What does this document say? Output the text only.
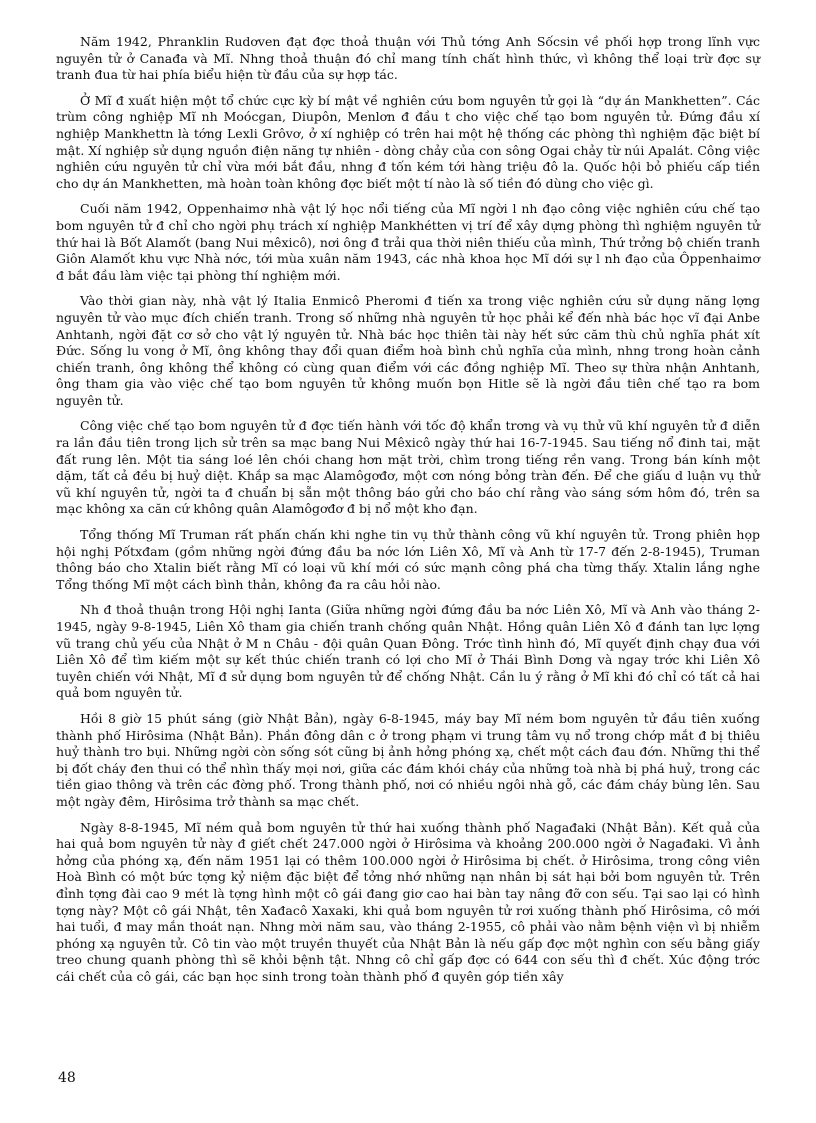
Năm 1942, Phranklin Rudơven đạt đợc thoả thuận với Thủ tớng Anh Sốcsin về phối hợp trong lĩnh vực nguyên tử ở Canađa và Mĩ. Nhng thoả thuận đó chỉ mang tính chất hình thức, vì không thể loại trừ đợc sự tranh đua từ hai phía biểu hiện từ đầu của sự hợp tác.

Ở Mĩ đ xuất hiện một tổ chức cực kỳ bí mật về nghiên cứu bom nguyên tử gọi là “dự án Mankhetten”. Các trùm công nghiệp Mĩ nh Moócgan, Diupôn, Menlơn đ đầu t cho việc chế tạo bom nguyên tử. Đứng đầu xí nghiệp Mankhettn là tớng Lexli Grôvơ, ở xí nghiệp có trên hai một hệ thống các phòng thì nghiệm đặc biệt bí mật. Xí nghiệp sử dụng nguồn điện năng tự nhiên - dòng chảy của con sông Ogai chảy từ núi Apalát. Công việc nghiên cứu nguyên tử chỉ vừa mới bắt đầu, nhng đ tốn kém tới hàng triệu đô la. Quốc hội bỏ phiếu cấp tiền cho dự án Mankhetten, mà hoàn toàn không đợc biết một tí nào là số tiền đó dùng cho việc gì.

Cuối năm 1942, Oppenhaimơ nhà vật lý học nổi tiếng của Mĩ ngời l nh đạo công việc nghiên cứu chế tạo bom nguyên tử đ chỉ cho ngời phụ trách xí nghiệp Mankhétten vị trí để xây dựng phòng thì nghiệm nguyên tử thứ hai là Bốt Alamốt (bang Nui mêxicô), nơi ông đ trải qua thời niên thiếu của mình, Thứ trởng bộ chiến tranh Giôn Alamốt khu vực Nhà nớc, tới mùa xuân năm 1943, các nhà khoa học Mĩ dới sự l nh đạo của Ôppenhaimơ đ bắt đầu làm việc tại phòng thí nghiệm mới.

Vào thời gian này, nhà vật lý Italia Enmicô Pheromi đ tiến xa trong việc nghiên cứu sử dụng năng lợng nguyên tử vào mục đích chiến tranh. Trong số những nhà nguyên tử học phải kể đến nhà bác học vĩ đại Anbe Anhtanh, ngời đặt cơ sở cho vật lý nguyên tử. Nhà bác học thiên tài này hết sức căm thù chủ nghĩa phát xít Đức. Sống lu vong ở Mĩ, ông không thay đổi quan điểm hoà bình chủ nghĩa của mình, nhng trong hoàn cảnh chiến tranh, ông không thể không có cùng quan điểm với các đồng nghiệp Mĩ. Theo sự thừa nhận Anhtanh, ông tham gia vào việc chế tạo bom nguyên tử không muốn bọn Hitle sẽ là ngời đầu tiên chế tạo ra bom nguyên tử.

Công việc chế tạo bom nguyên tử đ đợc tiến hành với tốc độ khẩn trơng và vụ thử vũ khí nguyên tử đ diễn ra lần đầu tiên trong lịch sử trên sa mạc bang Nui Mêxicô ngày thứ hai 16-7-1945. Sau tiếng nổ đinh tai, mặt đất rung lên. Một tia sáng loé lên chói chang hơn mặt trời, chìm trong tiếng rền vang. Trong bán kính một dặm, tất cả đều bị huỷ diệt. Khắp sa mạc Alamôgơđơ, một cơn nóng bỏng tràn đến. Để che giấu d luận vụ thử vũ khí nguyên tử, ngời ta đ chuẩn bị sẵn một thông báo gửi cho báo chí rằng vào sáng sớm hôm đó, trên sa mạc không xa căn cứ không quân Alamôgơđơ đ bị nổ một kho đạn.

Tổng thống Mĩ Truman rất phấn chấn khi nghe tin vụ thử thành công vũ khí nguyên tử. Trong phiên họp hội nghị Pốtxđam (gồm những ngời đứng đầu ba nớc lớn Liên Xô, Mĩ và Anh từ 17-7 đến 2-8-1945), Truman thông báo cho Xtalin biết rằng Mĩ có loại vũ khí mới có sức mạnh công phá cha từng thấy. Xtalin lắng nghe Tổng thống Mĩ một cách bình thản, không đa ra câu hỏi nào.

Nh đ thoả thuận trong Hội nghị Ianta (Giữa những ngời đứng đầu ba nớc Liên Xô, Mĩ và Anh vào tháng 2-1945, ngày 9-8-1945, Liên Xô tham gia chiến tranh chống quân Nhật. Hồng quân Liên Xô đ đánh tan lực lợng vũ trang chủ yếu của Nhật ở M n Châu - đội quân Quan Đông. Trớc tình hình đó, Mĩ quyết định chạy đua với Liên Xô để tìm kiếm một sự kết thúc chiến tranh có lợi cho Mĩ ở Thái Bình Dơng và ngay trớc khi Liên Xô tuyên chiến với Nhật, Mĩ đ sử dụng bom nguyên tử để chống Nhật. Cần lu ý rằng ở Mĩ khi đó chỉ có tất cả hai quả bom nguyên tử.

Hồi 8 giờ 15 phút sáng (giờ Nhật Bản), ngày 6-8-1945, máy bay Mĩ ném bom nguyên tử đầu tiên xuống thành phố Hirôsima (Nhật Bản). Phần đông dân c ở trong phạm vi trung tâm vụ nổ trong chớp mắt đ bị thiêu huỷ thành tro bụi. Những ngời còn sống sót cũng bị ảnh hởng phóng xạ, chết một cách đau đớn. Những thi thể bị đốt cháy đen thui có thể nhìn thấy mọi nơi, giữa các đám khói cháy của những toà nhà bị phá huỷ, trong các tiền giao thông và trên các đờng phố. Trong thành phố, nơi có nhiều ngôi nhà gỗ, các đám cháy bùng lên. Sau một ngày đêm, Hirôsima trở thành sa mạc chết.

Ngày 8-8-1945, Mĩ ném quả bom nguyên tử thứ hai xuống thành phố Nagađaki (Nhật Bản). Kết quả của hai quả bom nguyên tử này đ giết chết 247.000 ngời ở Hirôsima và khoảng 200.000 ngời ở Nagađaki. Vì ảnh hởng của phóng xạ, đến năm 1951 lại có thêm 100.000 ngời ở Hirôsima bị chết. ở Hirôsima, trong công viên Hoà Bình có một bức tợng kỷ niệm đặc biệt để tởng nhớ những nạn nhân bị sát hại bởi bom nguyên tử. Trên đỉnh tợng đài cao 9 mét là tợng hình một cô gái đang giơ cao hai bàn tay nâng đỡ con sếu. Tại sao lại có hình tợng này? Một cô gái Nhật, tên Xađacô Xaxaki, khi quả bom nguyên tử rơi xuống thành phố Hirôsima, cô mới hai tuổi, đ may mắn thoát nạn. Nhng mời năm sau, vào tháng 2-1955, cô phải vào nằm bệnh viện vì bị nhiễm phóng xạ nguyên tử. Cô tin vào một truyền thuyết của Nhật Bản là nếu gấp đợc một nghìn con sếu bằng giấy treo chung quanh phòng thì sẽ khỏi bệnh tật. Nhng cô chỉ gấp đợc có 644 con sếu thì đ chết. Xúc động trớc cái chết của cô gái, các bạn học sinh trong toàn thành phố đ quyên góp tiền xây

48
